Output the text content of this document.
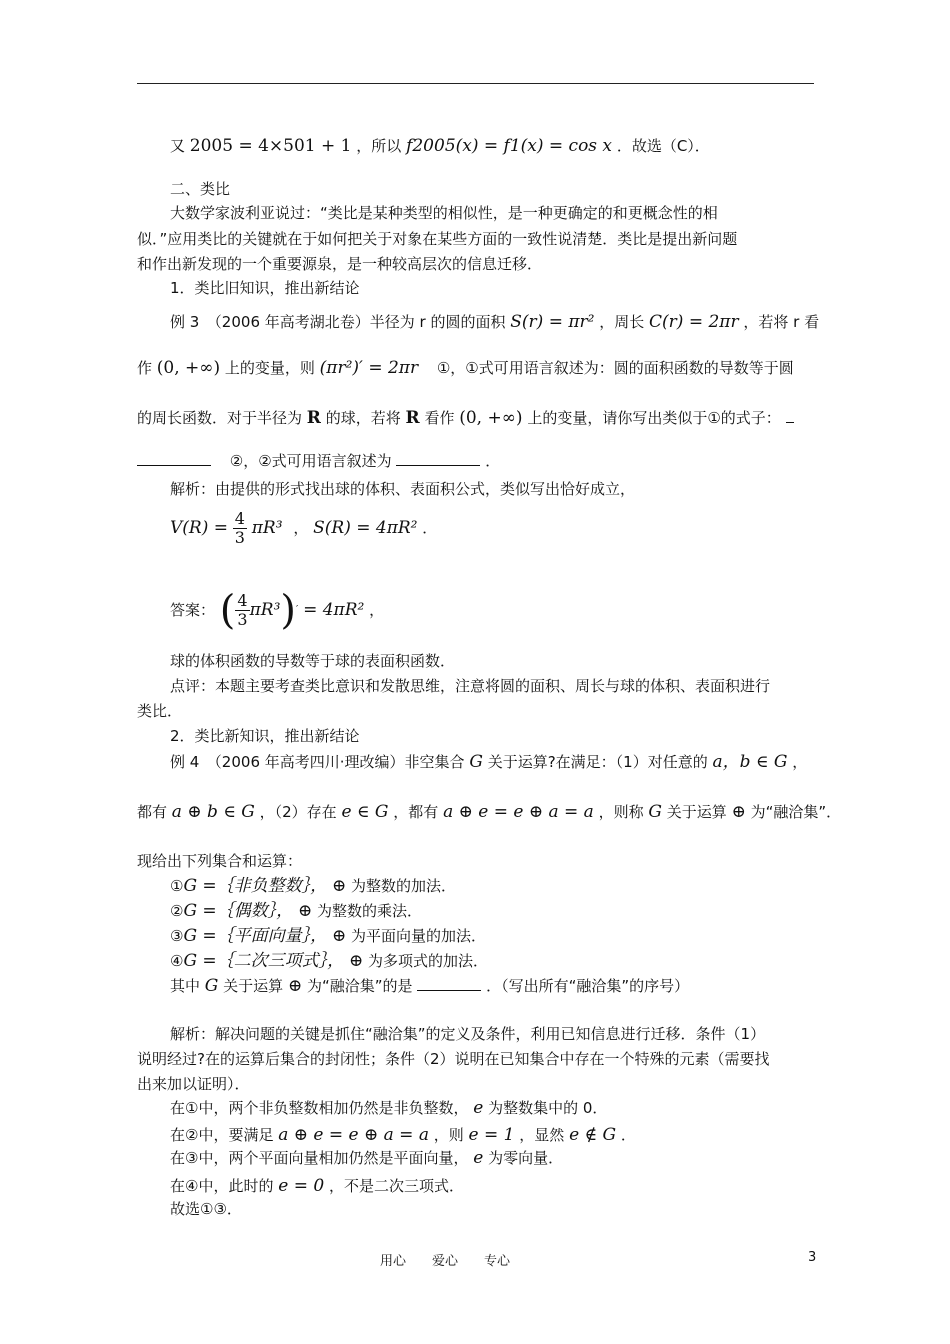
又 2005 = 4×501 + 1 ，所以 f2005(x) = f1(x) = cos x ．故选（C）．
二、类比
大数学家波利亚说过：“类比是某种类型的相似性，是一种更确定的和更概念性的相
似．”应用类比的关键就在于如何把关于对象在某些方面的一致性说清楚．类比是提出新问题
和作出新发现的一个重要源泉，是一种较高层次的信息迁移．
1．类比旧知识，推出新结论
例 3　（2006 年高考湖北卷）半径为 r 的圆的面积 S(r) = πr² ，周长 C(r) = 2πr ，若将 r 看
作 (0, +∞) 上的变量，则 (πr²)′ = 2πr ①，①式可用语言叙述为：圆的面积函数的导数等于圆
的周长函数．对于半径为 R 的球，若将 R 看作 (0, +∞) 上的变量，请你写出类似于①的式子：
②，②式可用语言叙述为	．
解析：由提供的形式找出球的体积、表面积公式，类似写出恰好成立，
$V(R) = \frac{4}{3} \pi R^3$ ， S(R) = 4πR² ．
答案： ( $\frac{4}{3} \pi R^3)' = 4\pi R^2$ ，
球的体积函数的导数等于球的表面积函数．
点评：本题主要考查类比意识和发散思维，注意将圆的面积、周长与球的体积、表面积进行
类比．
2．类比新知识，推出新结论
例 4　（2006 年高考四川·理改编）非空集合 G 关于运算?在满足：（1）对任意的 a，b ∈ G ，
都有 a ⊕ b ∈ G ，（2）存在 e ∈ G ，都有 a ⊕ e = e ⊕ a = a ，则称 G 关于运算 ⊕ 为“融洽集”．
现给出下列集合和运算：
①G =｛非负整数｝， ⊕ 为整数的加法．
②G =｛偶数｝， ⊕ 为整数的乘法．
③G =｛平面向量｝， ⊕ 为平面向量的加法．
④G =｛二次三项式｝， ⊕ 为多项式的加法．
其中 G 关于运算 ⊕ 为“融洽集”的是	．（写出所有“融洽集”的序号）
解析：解决问题的关键是抓住“融洽集”的定义及条件，利用已知信息进行迁移．条件（1）
说明经过?在的运算后集合的封闭性；条件（2）说明在已知集合中存在一个特殊的元素（需要找
出来加以证明）．
在①中，两个非负整数相加仍然是非负整数， e 为整数集中的 0．
在②中，要满足 a ⊕ e = e ⊕ a = a ，则 e = 1 ，显然 e ∉ G ．
在③中，两个平面向量相加仍然是平面向量， e 为零向量．
在④中，此时的 e = 0 ，不是二次三项式．
故选①③．
用心　　爱心　　专心	3
